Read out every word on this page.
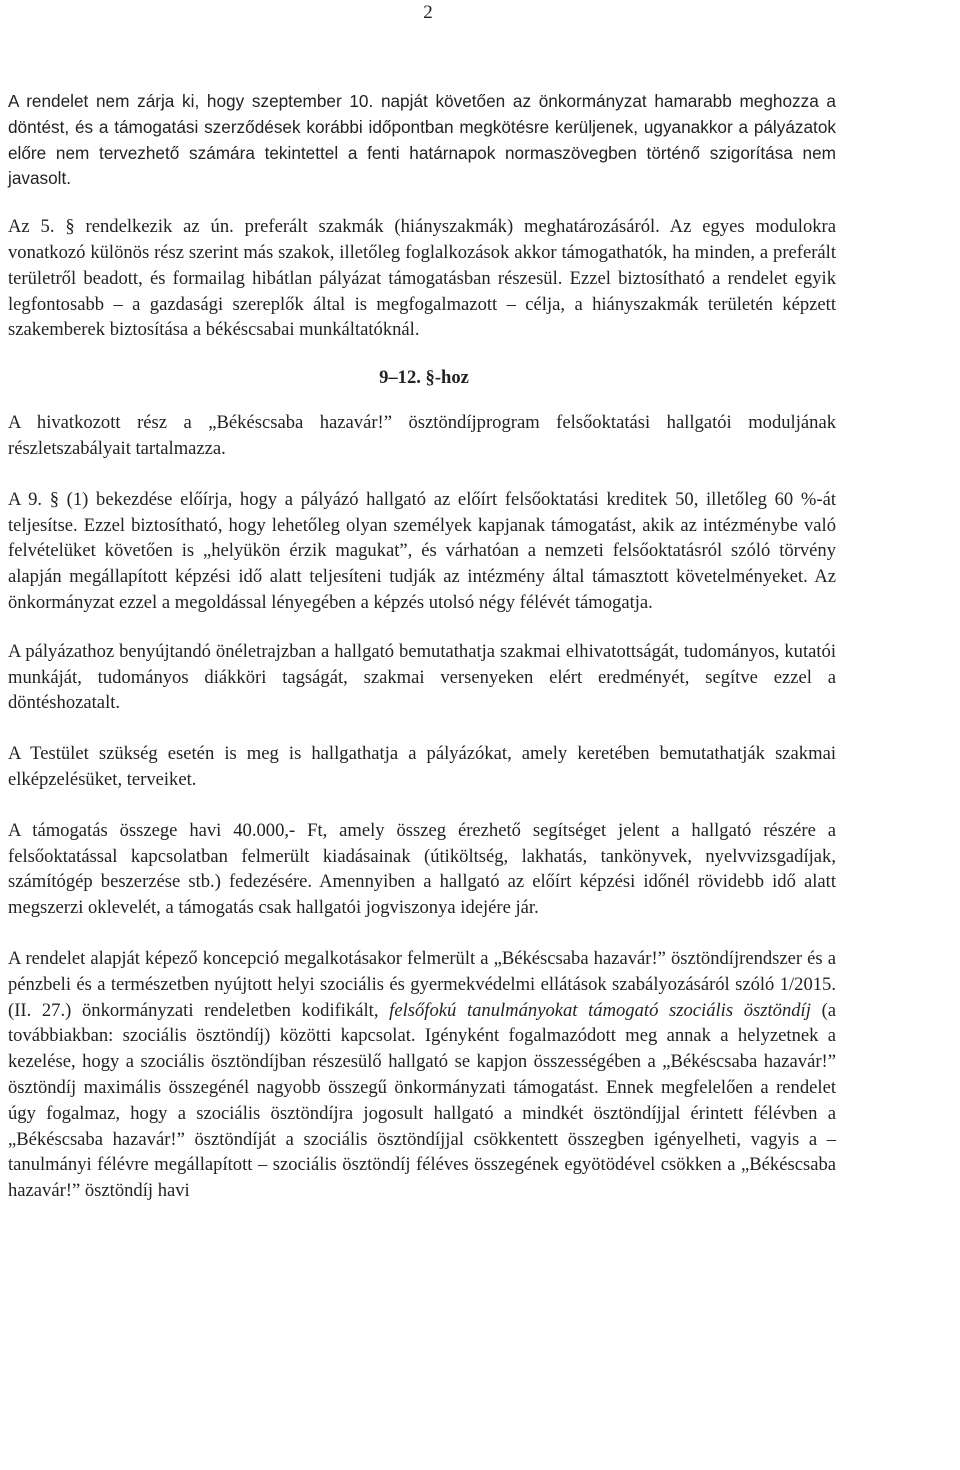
2

A rendelet nem zárja ki, hogy szeptember 10. napját követően az önkormányzat hamarabb meghozza a döntést, és a támogatási szerződések korábbi időpontban megkötésre kerüljenek, ugyanakkor a pályázatok előre nem tervezhető számára tekintettel a fenti határnapok normaszövegben történő szigorítása nem javasolt.

Az 5. § rendelkezik az ún. preferált szakmák (hiányszakmák) meghatározásáról. Az egyes modulokra vonatkozó különös rész szerint más szakok, illetőleg foglalkozások akkor támogathatók, ha minden, a preferált területről beadott, és formailag hibátlan pályázat támogatásban részesül. Ezzel biztosítható a rendelet egyik legfontosabb – a gazdasági szereplők által is megfogalmazott – célja, a hiányszakmák területén képzett szakemberek biztosítása a békéscsabai munkáltatóknál.

9–12. §-hoz

A hivatkozott rész a „Békéscsaba hazavár!” ösztöndíjprogram felsőoktatási hallgatói moduljának részletszabályait tartalmazza.

A 9. § (1) bekezdése előírja, hogy a pályázó hallgató az előírt felsőoktatási kreditek 50, illetőleg 60 %-át teljesítse. Ezzel biztosítható, hogy lehetőleg olyan személyek kapjanak támogatást, akik az intézménybe való felvételüket követően is „helyükön érzik magukat”, és várhatóan a nemzeti felsőoktatásról szóló törvény alapján megállapított képzési idő alatt teljesíteni tudják az intézmény által támasztott követelményeket. Az önkormányzat ezzel a megoldással lényegében a képzés utolsó négy félévét támogatja.

A pályázathoz benyújtandó önéletrajzban a hallgató bemutathatja szakmai elhivatottságát, tudományos, kutatói munkáját, tudományos diákköri tagságát, szakmai versenyeken elért eredményét, segítve ezzel a döntéshozatalt.

A Testület szükség esetén is meg is hallgathatja a pályázókat, amely keretében bemutathatják szakmai elképzelésüket, terveiket.

A támogatás összege havi 40.000,- Ft, amely összeg érezhető segítséget jelent a hallgató részére a felsőoktatással kapcsolatban felmerült kiadásainak (útiköltség, lakhatás, tankönyvek, nyelvvizsgadíjak, számítógép beszerzése stb.) fedezésére. Amennyiben a hallgató az előírt képzési időnél rövidebb idő alatt megszerzi oklevelét, a támogatás csak hallgatói jogviszonya idejére jár.

A rendelet alapját képező koncepció megalkotásakor felmerült a „Békéscsaba hazavár!” ösztöndíjrendszer és a pénzbeli és a természetben nyújtott helyi szociális és gyermekvédelmi ellátások szabályozásáról szóló 1/2015. (II. 27.) önkormányzati rendeletben kodifikált, felsőfokú tanulmányokat támogató szociális ösztöndíj (a továbbiakban: szociális ösztöndíj) közötti kapcsolat. Igényként fogalmazódott meg annak a helyzetnek a kezelése, hogy a szociális ösztöndíjban részesülő hallgató se kapjon összességében a „Békéscsaba hazavár!” ösztöndíj maximális összegénél nagyobb összegű önkormányzati támogatást. Ennek megfelelően a rendelet úgy fogalmaz, hogy a szociális ösztöndíjra jogosult hallgató a mindkét ösztöndíjjal érintett félévben a „Békéscsaba hazavár!” ösztöndíját a szociális ösztöndíjjal csökkentett összegben igényelheti, vagyis a – tanulmányi félévre megállapított – szociális ösztöndíj féléves összegének egyötödével csökken a „Békéscsaba hazavár!” ösztöndíj havi
